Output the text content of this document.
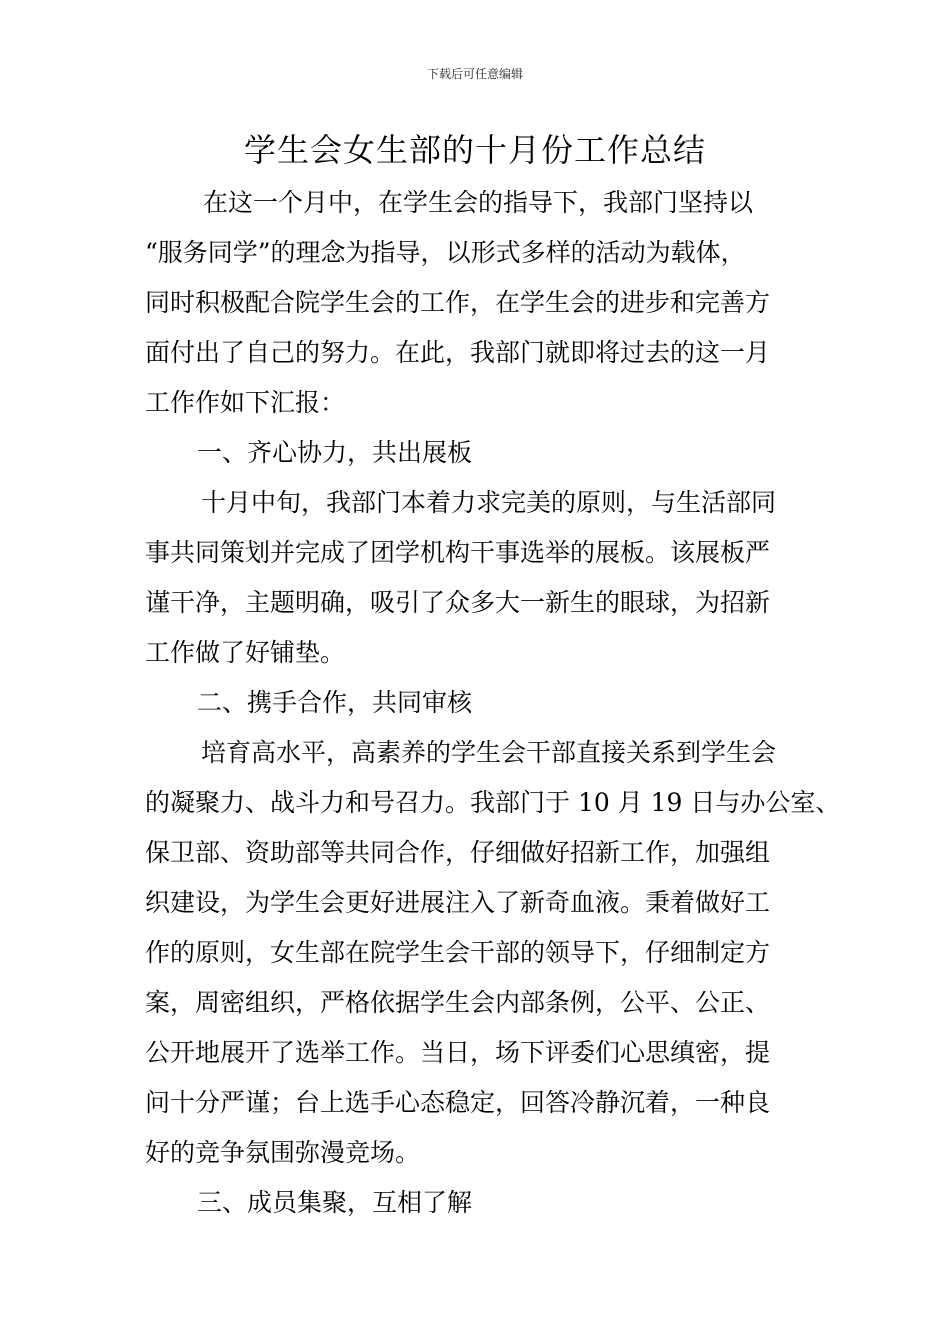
下载后可任意编辑
学生会女生部的十月份工作总结
在这一个月中，在学生会的指导下，我部门坚持以
“服务同学”的理念为指导，以形式多样的活动为载体，
同时积极配合院学生会的工作，在学生会的进步和完善方
面付出了自己的努力。在此，我部门就即将过去的这一月
工作作如下汇报：
一、齐心协力，共出展板
十月中旬，我部门本着力求完美的原则，与生活部同
事共同策划并完成了团学机构干事选举的展板。该展板严
谨干净，主题明确，吸引了众多大一新生的眼球，为招新
工作做了好铺垫。
二、携手合作，共同审核
培育高水平，高素养的学生会干部直接关系到学生会
的凝聚力、战斗力和号召力。我部门于 10 月 19 日与办公室、
保卫部、资助部等共同合作，仔细做好招新工作，加强组
织建设，为学生会更好进展注入了新奇血液。秉着做好工
作的原则，女生部在院学生会干部的领导下，仔细制定方
案，周密组织，严格依据学生会内部条例，公平、公正、
公开地展开了选举工作。当日，场下评委们心思缜密，提
问十分严谨；台上选手心态稳定，回答冷静沉着，一种良
好的竞争氛围弥漫竞场。
三、成员集聚，互相了解
